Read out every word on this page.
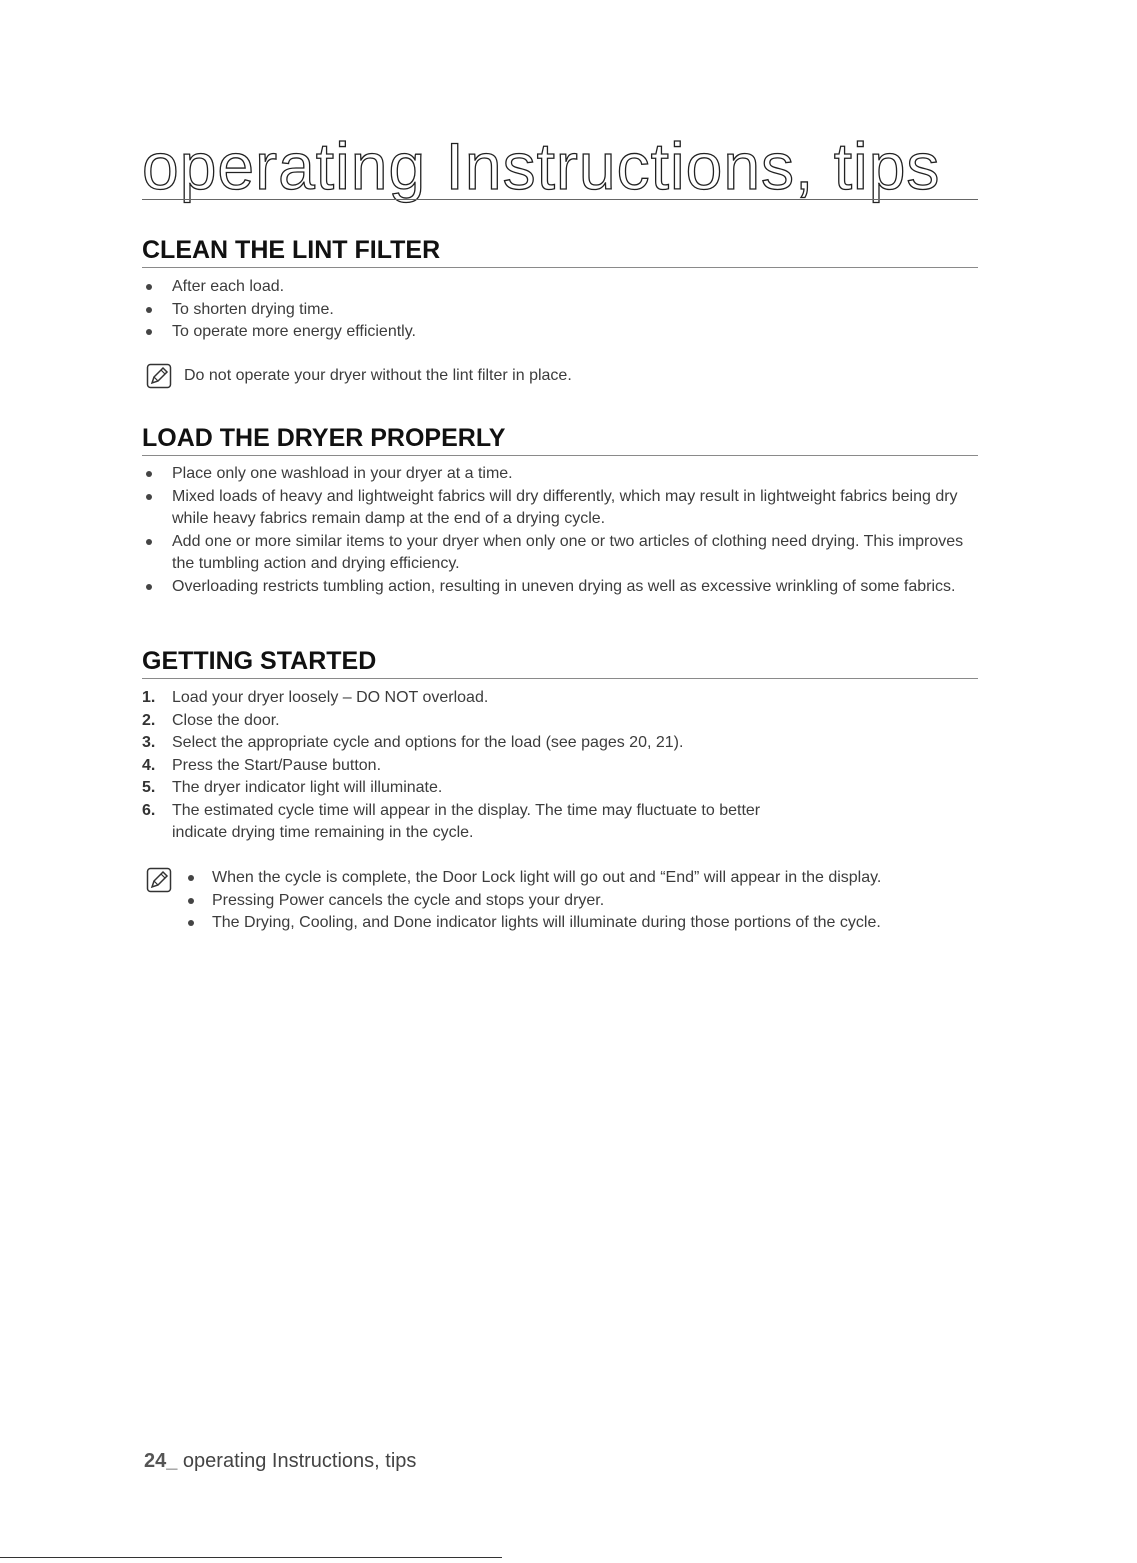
operating Instructions, tips
CLEAN THE LINT FILTER
After each load.
To shorten drying time.
To operate more energy efficiently.
Do not operate your dryer without the lint filter in place.
LOAD THE DRYER PROPERLY
Place only one washload in your dryer at a time.
Mixed loads of heavy and lightweight fabrics will dry differently, which may result in lightweight fabrics being dry while heavy fabrics remain damp at the end of a drying cycle.
Add one or more similar items to your dryer when only one or two articles of clothing need drying. This improves the tumbling action and drying efficiency.
Overloading restricts tumbling action, resulting in uneven drying as well as excessive wrinkling of some fabrics.
GETTING STARTED
1. Load your dryer loosely – DO NOT overload.
2. Close the door.
3. Select the appropriate cycle and options for the load (see pages 20, 21).
4. Press the Start/Pause button.
5. The dryer indicator light will illuminate.
6. The estimated cycle time will appear in the display. The time may fluctuate to better indicate drying time remaining in the cycle.
When the cycle is complete, the Door Lock light will go out and “End” will appear in the display.
Pressing Power cancels the cycle and stops your dryer.
The Drying, Cooling, and Done indicator lights will illuminate during those portions of the cycle.
24_ operating Instructions, tips
